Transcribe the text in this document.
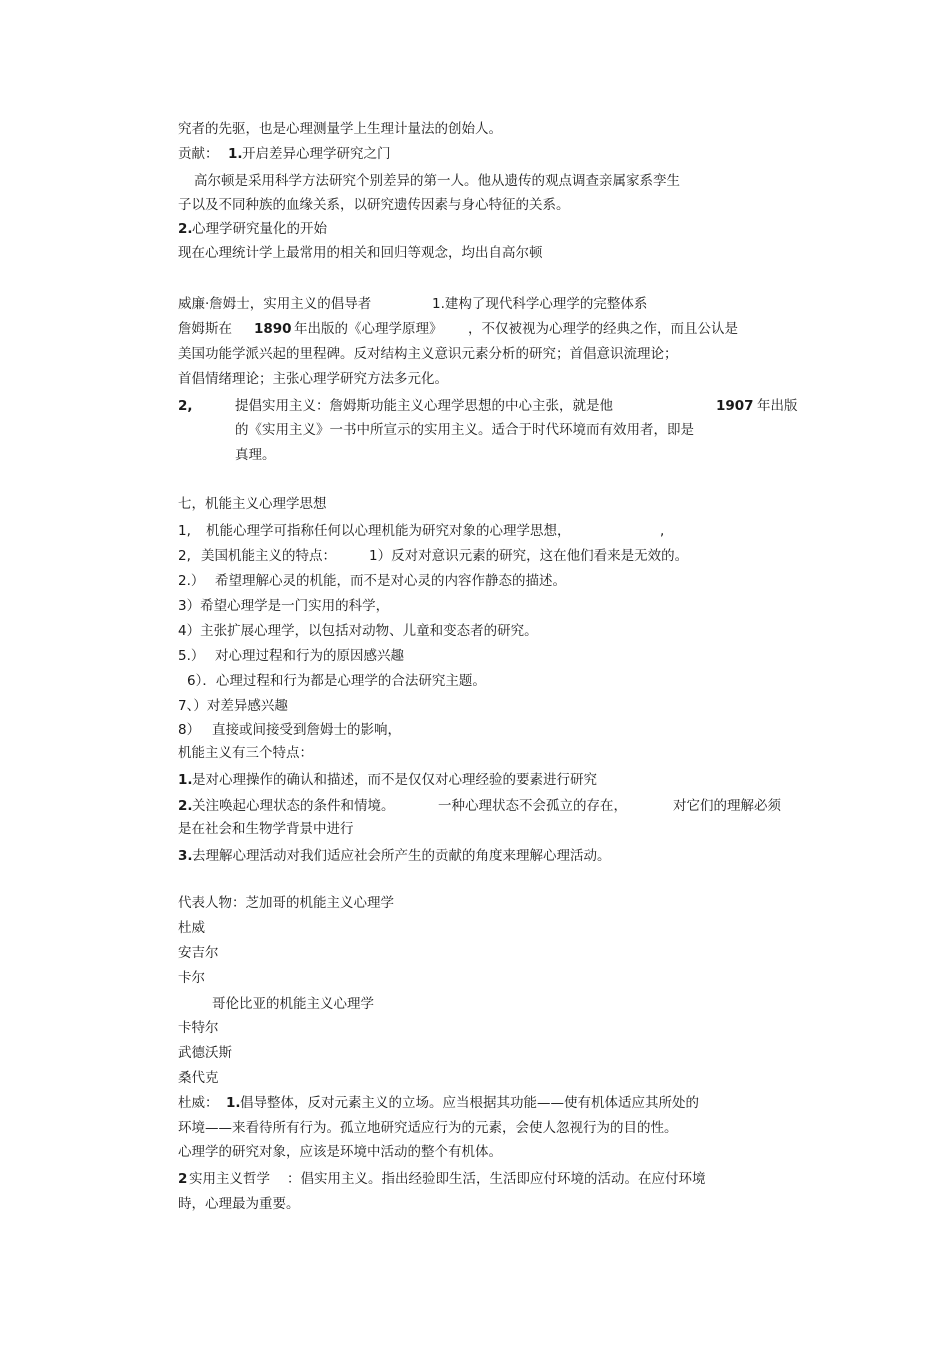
究者的先驱，也是心理测量学上生理计量法的创始人。
贡献： 1. 开启差异心理学研究之门
高尔顿是采用科学方法研究个别差异的第一人。他从遗传的观点调查亲属家系孪生
子以及不同种族的血缘关系，以研究遗传因素与身心特征的关系。
2. 心理学研究量化的开始
现在心理统计学上最常用的相关和回归等观念，均出自高尔顿
威廉·詹姆士，实用主义的倡导者	1.建构了现代科学心理学的完整体系
詹姆斯在 1890 年出版的《心理学原理》 ，不仅被视为心理学的经典之作，而且公认是
美国功能学派兴起的里程碑。反对结构主义意识元素分析的研究；首倡意识流理论；
首倡情绪理论；主张心理学研究方法多元化。
2,	提倡实用主义：詹姆斯功能主义心理学思想的中心主张，就是他	1907 年出版
的《实用主义》一书中所宣示的实用主义。适合于时代环境而有效用者，即是
真理。
七，机能主义心理学思想
1, 机能心理学可指称任何以心理机能为研究对象的心理学思想，	,
2, 美国机能主义的特点： 1）反对对意识元素的研究，这在他们看来是无效的。
2.） 希望理解心灵的机能，而不是对心灵的内容作静态的描述。
3）希望心理学是一门实用的科学，
4）主张扩展心理学，以包括对动物、儿童和变态者的研究。
5.） 对心理过程和行为的原因感兴趣
6）．心理过程和行为都是心理学的合法研究主题。
7、）对差异感兴趣
8） 直接或间接受到詹姆士的影响，
机能主义有三个特点：
1. 是对心理操作的确认和描述，而不是仅仅对心理经验的要素进行研究
2. 关注唤起心理状态的条件和情境。	一种心理状态不会孤立的存在，	对它们的理解必须
是在社会和生物学背景中进行
3. 去理解心理活动对我们适应社会所产生的贡献的角度来理解心理活动。
代表人物：芝加哥的机能主义心理学
杜威
安吉尔
卡尔
哥伦比亚的机能主义心理学
卡特尔
武德沃斯
桑代克
杜威： 1. 倡导整体，反对元素主义的立场。应当根据其功能——使有机体适应其所处的
环境——来看待所有行为。孤立地研究适应行为的元素，会使人忽视行为的目的性。
心理学的研究对象，应该是环境中活动的整个有机体。
2 实用主义哲学 ：倡实用主义。指出经验即生活，生活即应付环境的活动。在应付环境
時，心理最为重要。
